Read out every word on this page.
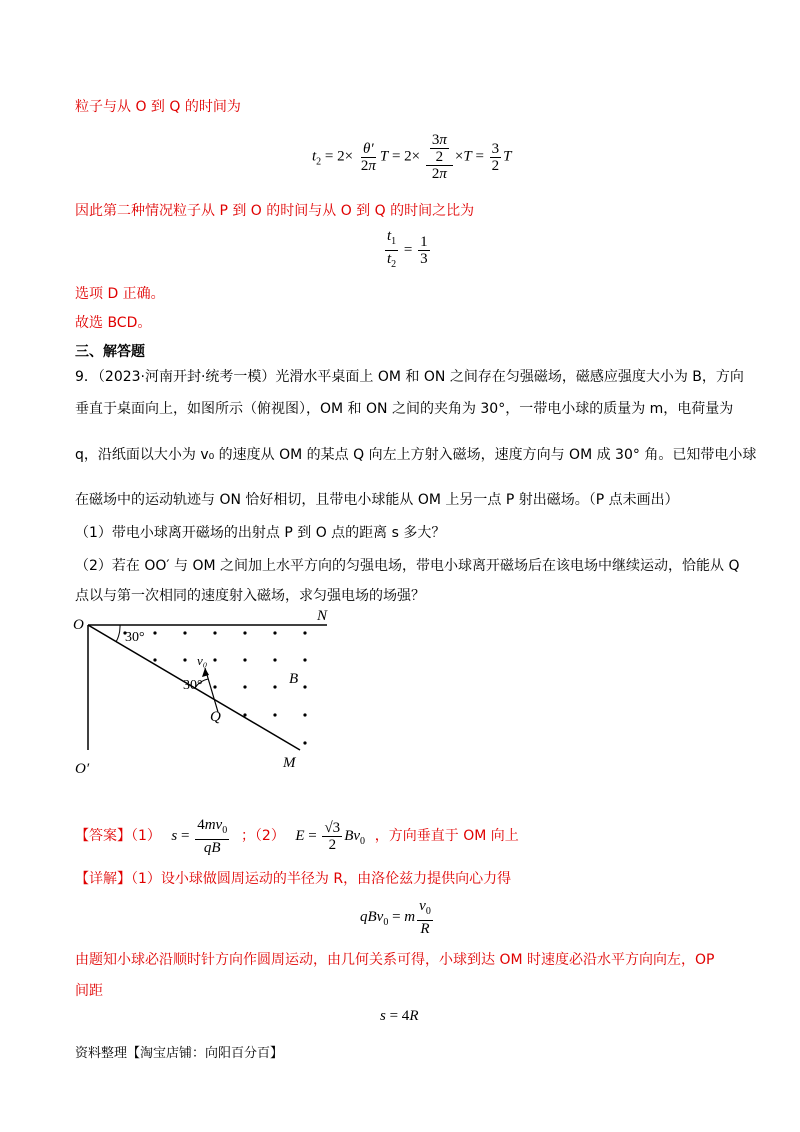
粒子与从 O 到 Q 的时间为
$t_2 = 2\times \frac{\theta'}{2\pi}$ $T = 2\times \frac{\frac{3\pi}{2}}{2\pi} \times T = \frac{3}{2}$ T
因此第二种情况粒子从 P 到 O 的时间与从 O 到 Q 的时间之比为
$\frac{t_1}{t_2} = \frac{1}{3}$
选项 D 正确。
故选 BCD。
三、解答题
9．（2023·河南开封·统考一模）光滑水平桌面上 OM 和 ON 之间存在匀强磁场，磁感应强度大小为 B，方向
垂直于桌面向上，如图所示（俯视图），OM 和 ON 之间的夹角为 30°，一带电小球的质量为 m，电荷量为
q，沿纸面以大小为 v₀ 的速度从 OM 的某点 Q 向左上方射入磁场，速度方向与 OM 成 30° 角。已知带电小球
在磁场中的运动轨迹与 ON 恰好相切，且带电小球能从 OM 上另一点 P 射出磁场。（P 点未画出）
（1）带电小球离开磁场的出射点 P 到 O 点的距离 s 多大？
（2）若在 OO′ 与 OM 之间加上水平方向的匀强电场，带电小球离开磁场后在该电场中继续运动，恰能从 Q
点以与第一次相同的速度射入磁场，求匀强电场的场强？
O
N
M
O′
Q
B
v₀
30°
30°
【答案】（1） $s = \frac{4mv_0}{qB}$ ；（2） $E = \frac{√3}{2} Bv_0$ ，方向垂直于 OM 向上
【详解】（1）设小球做圆周运动的半径为 R，由洛伦兹力提供向心力得
qBv$_0$ = m $\frac{v_0}{R}$
由题知小球必沿顺时针方向作圆周运动，由几何关系可得，小球到达 OM 时速度必沿水平方向向左，OP
间距
s = 4R
资料整理【淘宝店铺：向阳百分百】
